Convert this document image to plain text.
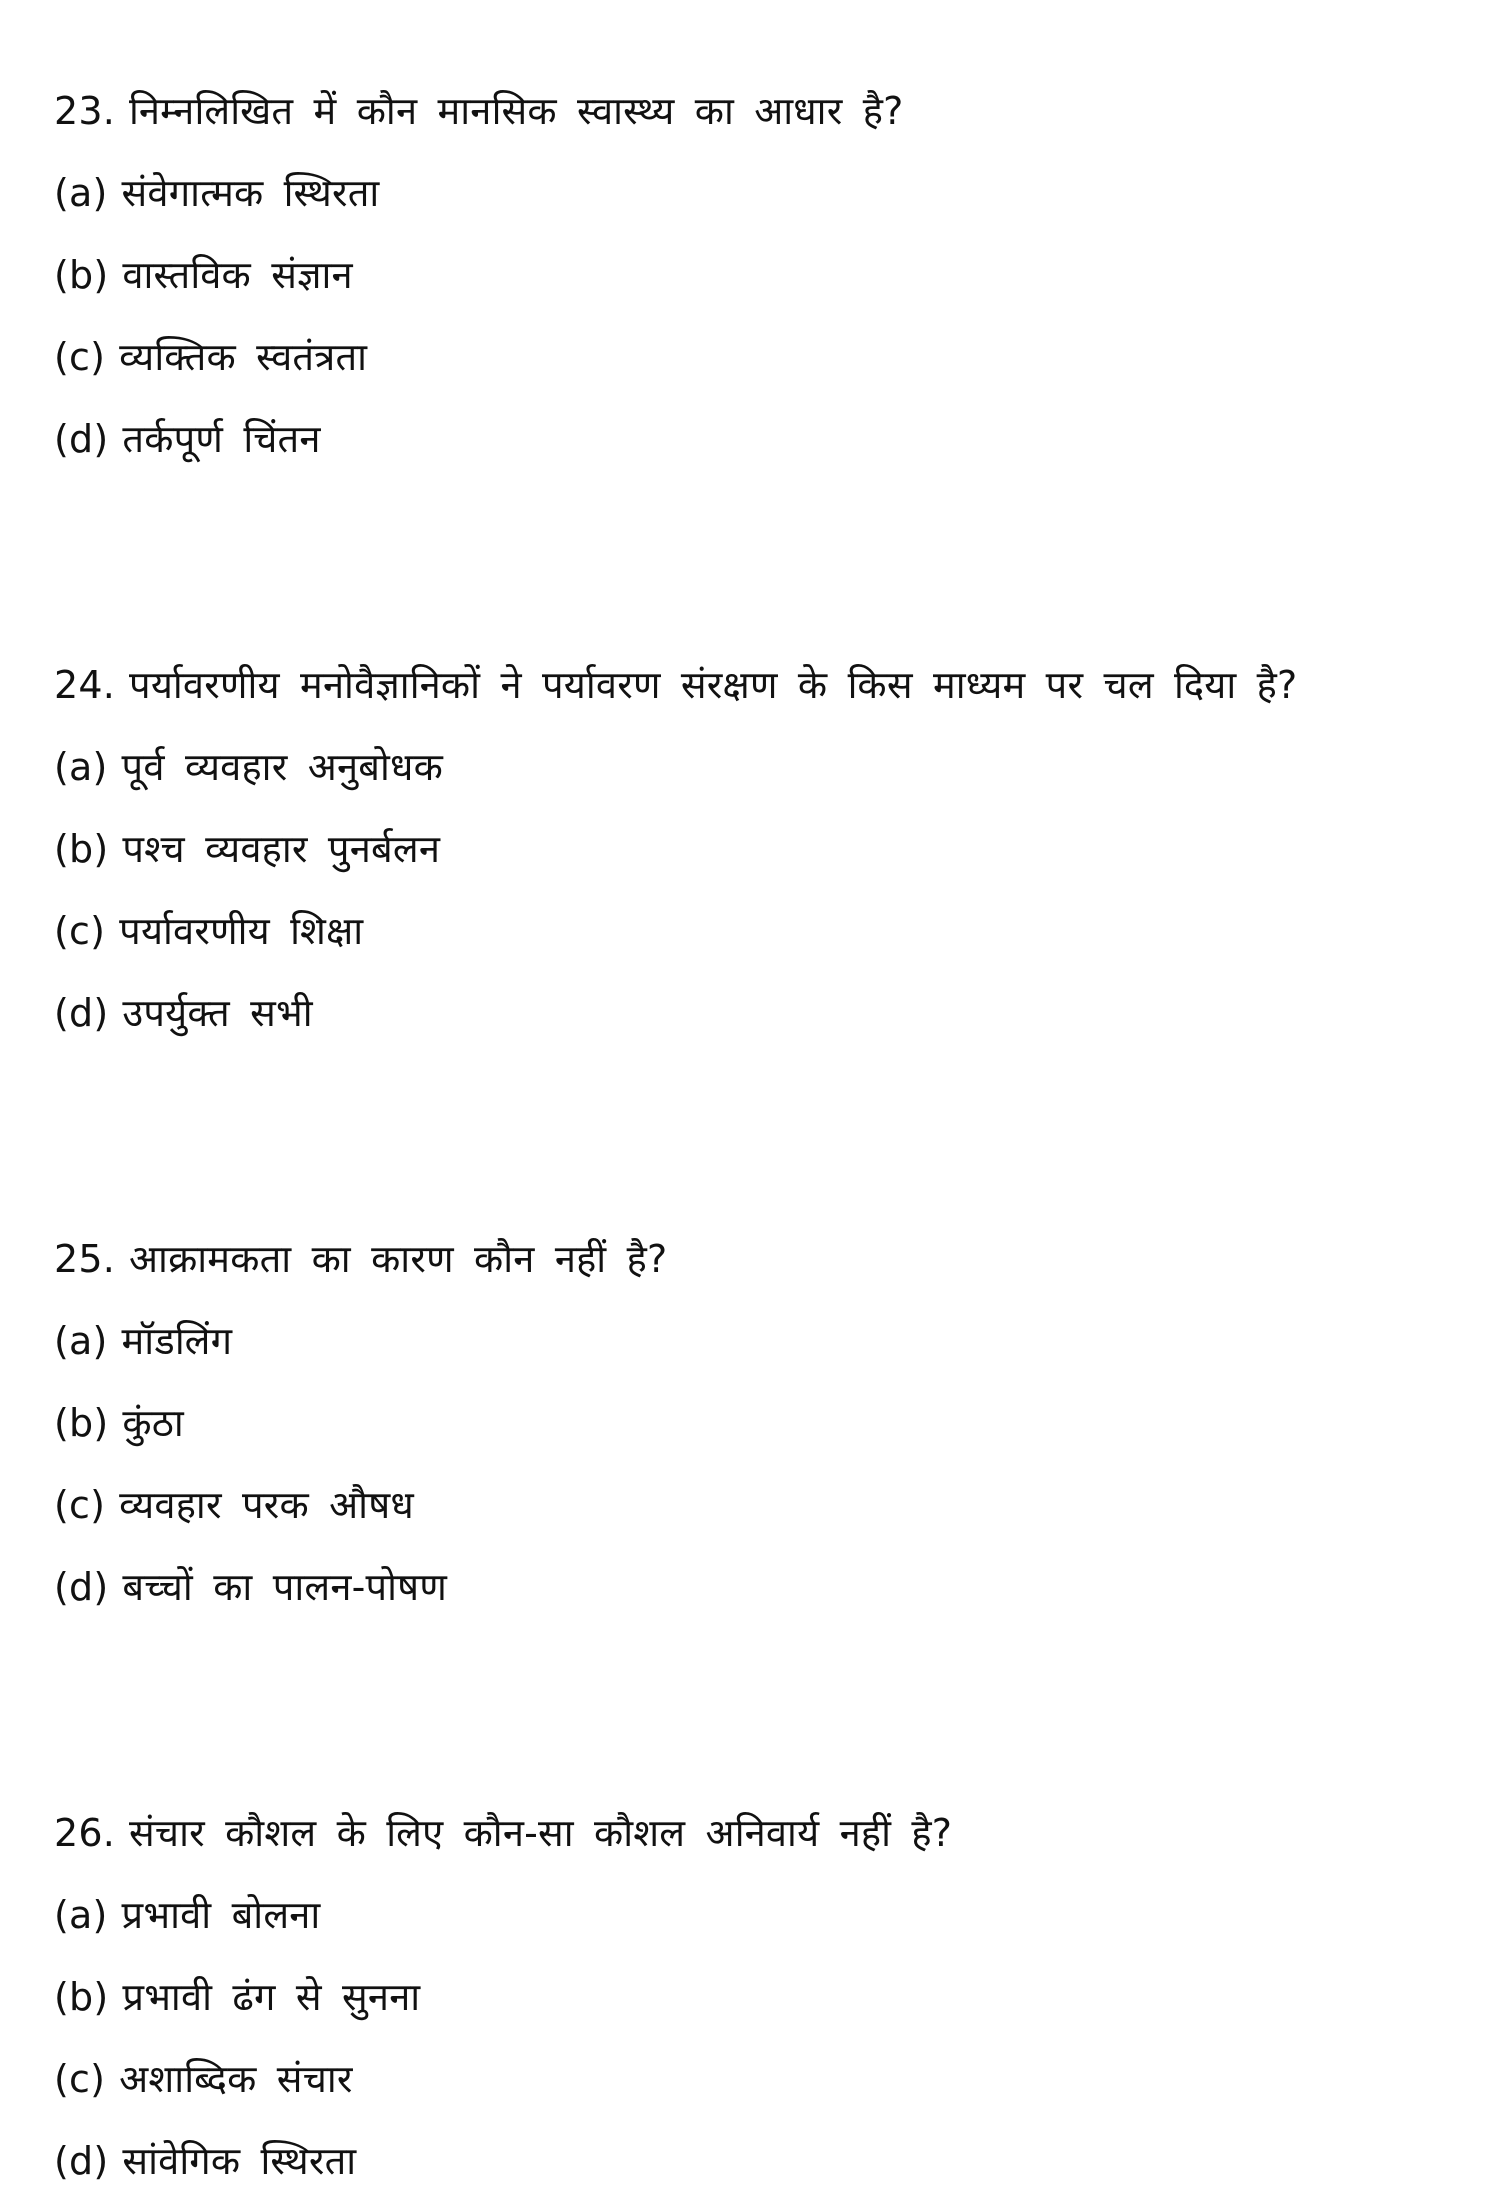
23. निम्नलिखित में कौन मानसिक स्वास्थ्य का आधार है?
(a) संवेगात्मक स्थिरता
(b) वास्तविक संज्ञान
(c) व्यक्तिक स्वतंत्रता
(d) तर्कपूर्ण चिंतन
24. पर्यावरणीय मनोवैज्ञानिकों ने पर्यावरण संरक्षण के किस माध्यम पर चल दिया है?
(a) पूर्व व्यवहार अनुबोधक
(b) पश्च व्यवहार पुनर्बलन
(c) पर्यावरणीय शिक्षा
(d) उपर्युक्त सभी
25. आक्रामकता का कारण कौन नहीं है?
(a) मॉडलिंग
(b) कुंठा
(c) व्यवहार परक औषध
(d) बच्चों का पालन-पोषण
26. संचार कौशल के लिए कौन-सा कौशल अनिवार्य नहीं है?
(a) प्रभावी बोलना
(b) प्रभावी ढंग से सुनना
(c) अशाब्दिक संचार
(d) सांवेगिक स्थिरता
